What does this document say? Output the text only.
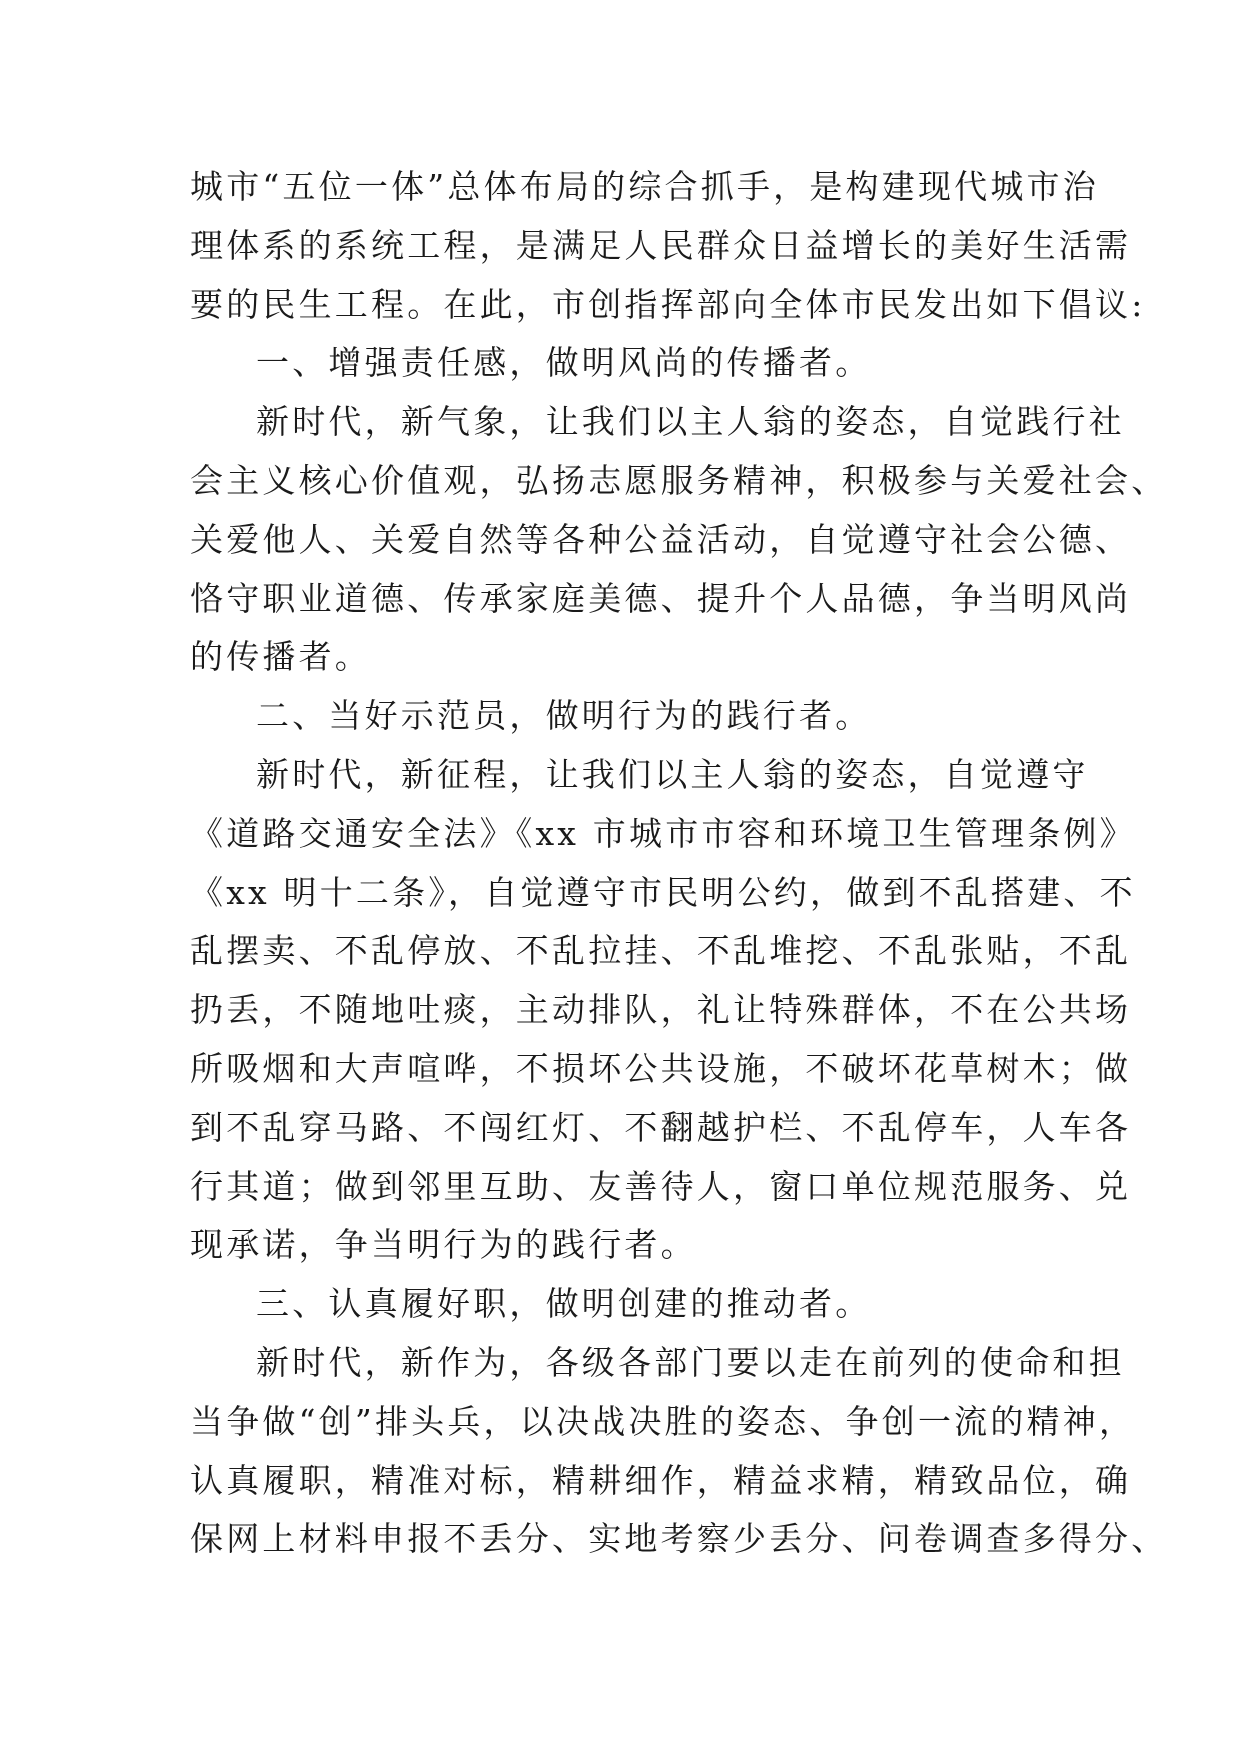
城市“五位一体”总体布局的综合抓手，是构建现代城市治
理体系的系统工程，是满足人民群众日益增长的美好生活需
要的民生工程。在此，市创指挥部向全体市民发出如下倡议:
一、增强责任感，做明风尚的传播者。
新时代，新气象，让我们以主人翁的姿态，自觉践行社
会主义核心价值观，弘扬志愿服务精神，积极参与关爱社会、
关爱他人、关爱自然等各种公益活动，自觉遵守社会公德、
恪守职业道德、传承家庭美德、提升个人品德，争当明风尚
的传播者。
二、当好示范员，做明行为的践行者。
新时代，新征程，让我们以主人翁的姿态，自觉遵守
《道路交通安全法》《xx 市城市市容和环境卫生管理条例》
《xx 明十二条》，自觉遵守市民明公约，做到不乱搭建、不
乱摆卖、不乱停放、不乱拉挂、不乱堆挖、不乱张贴，不乱
扔丢，不随地吐痰，主动排队，礼让特殊群体，不在公共场
所吸烟和大声喧哗，不损坏公共设施，不破坏花草树木；做
到不乱穿马路、不闯红灯、不翻越护栏、不乱停车，人车各
行其道；做到邻里互助、友善待人，窗口单位规范服务、兑
现承诺，争当明行为的践行者。
三、认真履好职，做明创建的推动者。
新时代，新作为，各级各部门要以走在前列的使命和担
当争做“创”排头兵，以决战决胜的姿态、争创一流的精神，
认真履职，精准对标，精耕细作，精益求精，精致品位，确
保网上材料申报不丢分、实地考察少丢分、问卷调查多得分、
